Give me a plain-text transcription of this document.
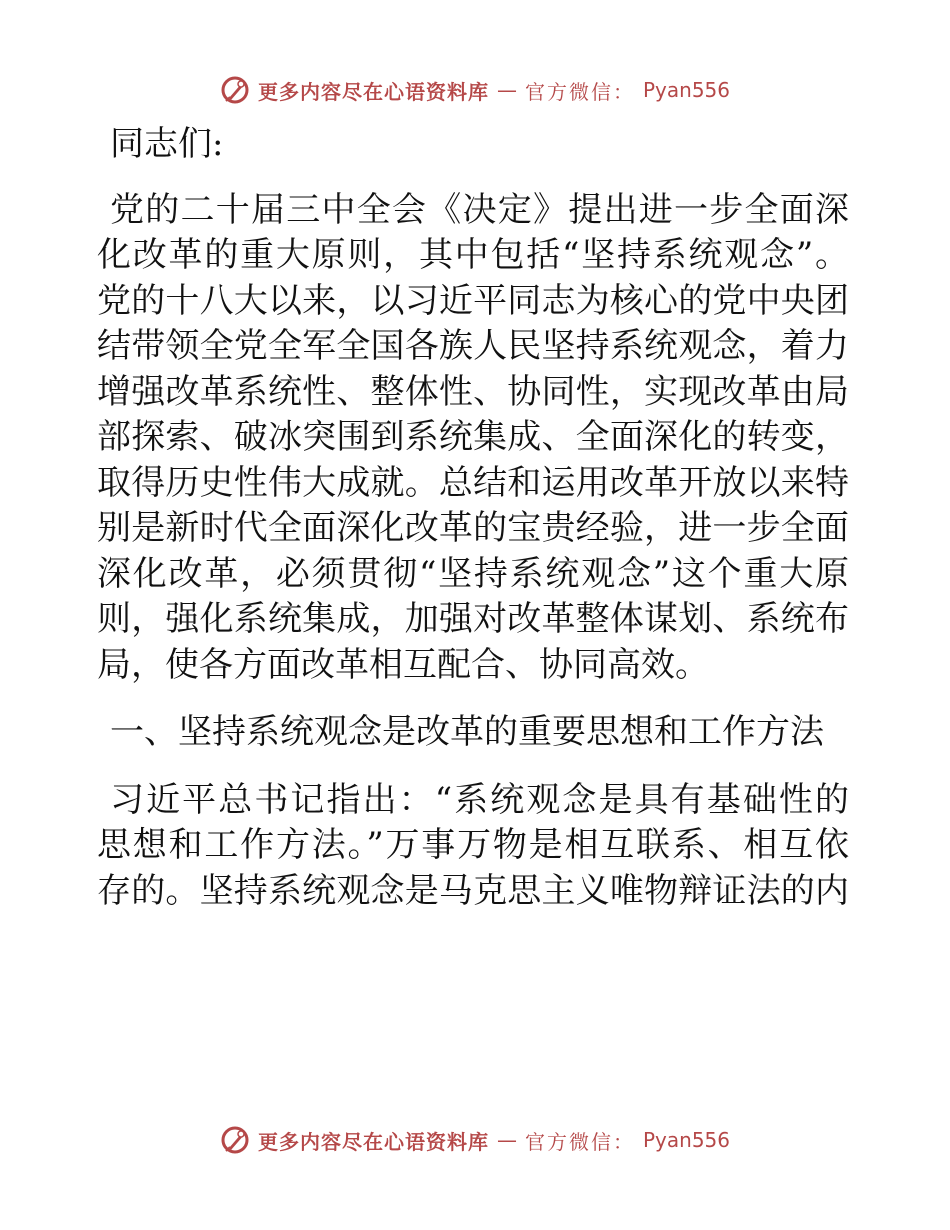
更多内容尽在心语资料库 — 官方微信： Pyan556
同志们:
党的二十届三中全会《决定》提出进一步全面深
化改革的重大原则，其中包括“坚持系统观念”。
党的十八大以来，以习近平同志为核心的党中央团
结带领全党全军全国各族人民坚持系统观念，着力
增强改革系统性、整体性、协同性，实现改革由局
部探索、破冰突围到系统集成、全面深化的转变，
取得历史性伟大成就。总结和运用改革开放以来特
别是新时代全面深化改革的宝贵经验，进一步全面
深化改革，必须贯彻“坚持系统观念”这个重大原
则，强化系统集成，加强对改革整体谋划、系统布
局，使各方面改革相互配合、协同高效。
一、坚持系统观念是改革的重要思想和工作方法
习近平总书记指出：“系统观念是具有基础性的
思想和工作方法。”万事万物是相互联系、相互依
存的。坚持系统观念是马克思主义唯物辩证法的内
更多内容尽在心语资料库 — 官方微信： Pyan556
